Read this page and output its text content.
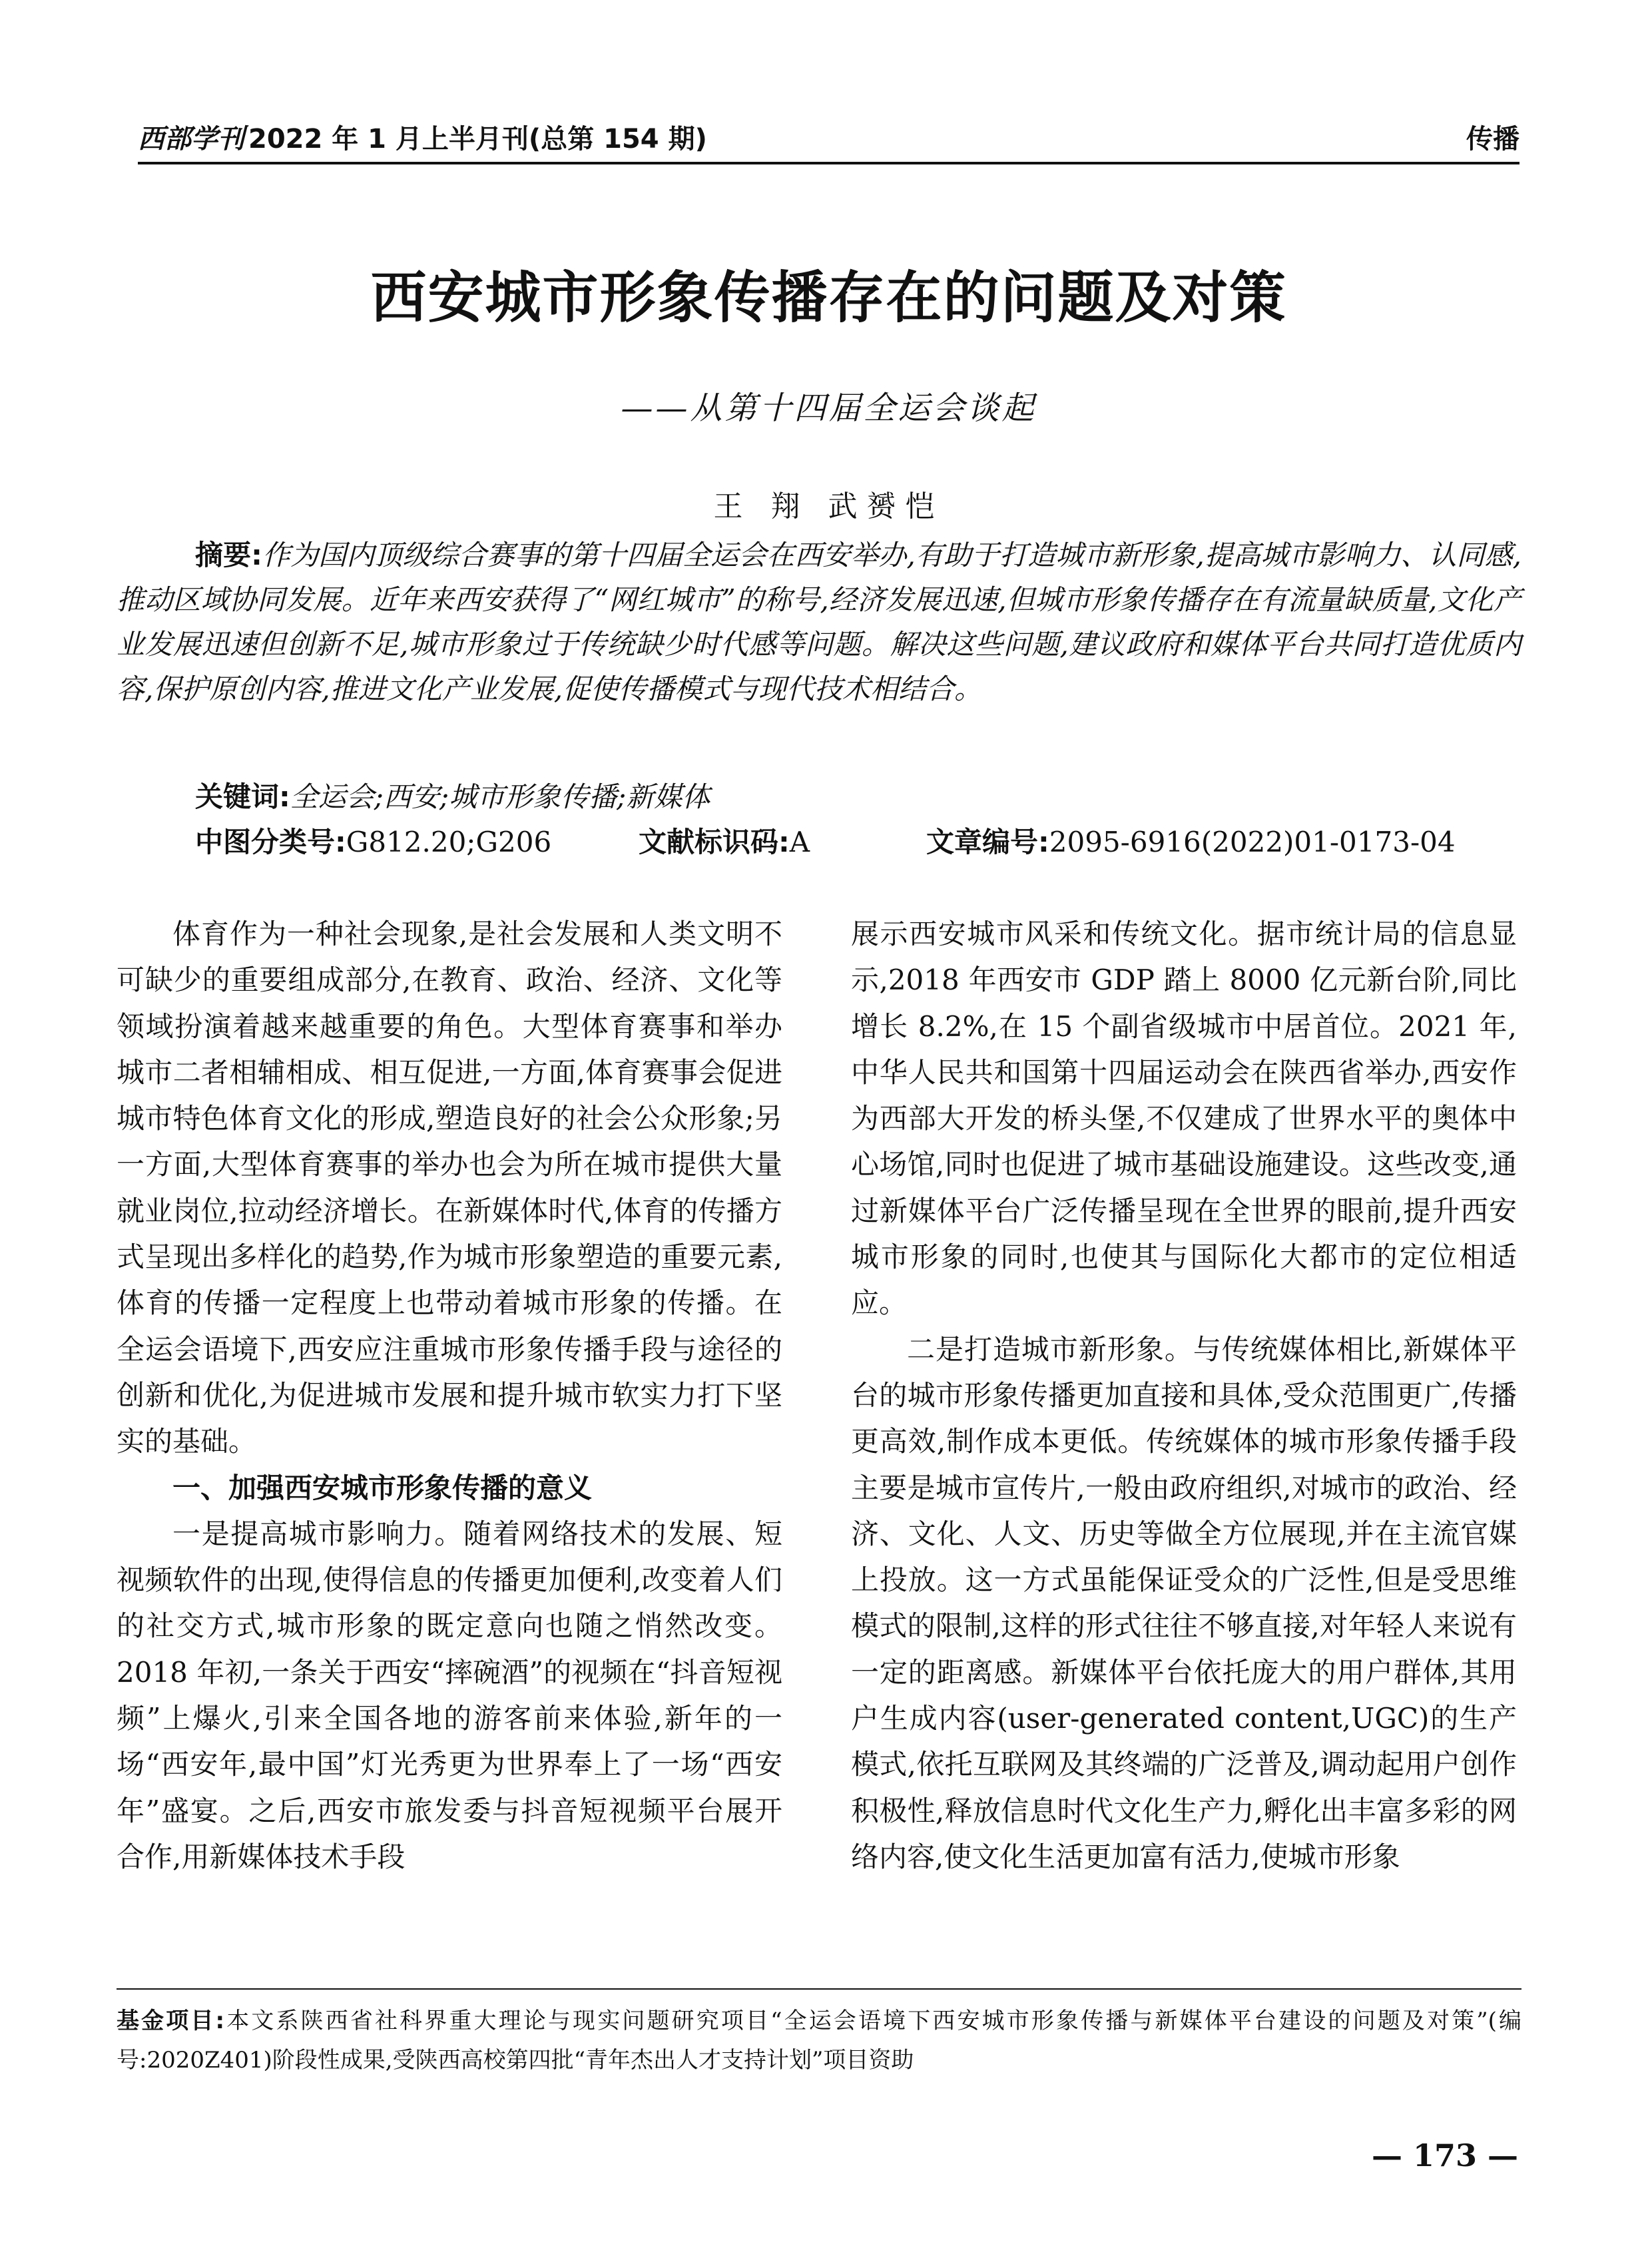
西部学刊 2022 年 1 月上半月刊(总第 154 期)	传播
西安城市形象传播存在的问题及对策
——从第十四届全运会谈起
王 翔 武赟恺
摘要:作为国内顶级综合赛事的第十四届全运会在西安举办,有助于打造城市新形象,提高城市影响力、认同感,推动区域协同发展。近年来西安获得了“网红城市”的称号,经济发展迅速,但城市形象传播存在有流量缺质量,文化产业发展迅速但创新不足,城市形象过于传统缺少时代感等问题。解决这些问题,建议政府和媒体平台共同打造优质内容,保护原创内容,推进文化产业发展,促使传播模式与现代技术相结合。
关键词:全运会;西安;城市形象传播;新媒体
中图分类号:G812.20;G206	文献标识码:A	文章编号:2095-6916(2022)01-0173-04

体育作为一种社会现象,是社会发展和人类文明不可缺少的重要组成部分,在教育、政治、经济、文化等领域扮演着越来越重要的角色。大型体育赛事和举办城市二者相辅相成、相互促进,一方面,体育赛事会促进城市特色体育文化的形成,塑造良好的社会公众形象;另一方面,大型体育赛事的举办也会为所在城市提供大量就业岗位,拉动经济增长。在新媒体时代,体育的传播方式呈现出多样化的趋势,作为城市形象塑造的重要元素,体育的传播一定程度上也带动着城市形象的传播。在全运会语境下,西安应注重城市形象传播手段与途径的创新和优化,为促进城市发展和提升城市软实力打下坚实的基础。

一、加强西安城市形象传播的意义

一是提高城市影响力。随着网络技术的发展、短视频软件的出现,使得信息的传播更加便利,改变着人们的社交方式,城市形象的既定意向也随之悄然改变。2018 年初,一条关于西安“摔碗酒”的视频在“抖音短视频”上爆火,引来全国各地的游客前来体验,新年的一场“西安年,最中国”灯光秀更为世界奉上了一场“西安年”盛宴。之后,西安市旅发委与抖音短视频平台展开合作,用新媒体技术手段

展示西安城市风采和传统文化。据市统计局的信息显示,2018 年西安市 GDP 踏上 8000 亿元新台阶,同比增长 8.2%,在 15 个副省级城市中居首位。2021 年,中华人民共和国第十四届运动会在陕西省举办,西安作为西部大开发的桥头堡,不仅建成了世界水平的奥体中心场馆,同时也促进了城市基础设施建设。这些改变,通过新媒体平台广泛传播呈现在全世界的眼前,提升西安城市形象的同时,也使其与国际化大都市的定位相适应。

二是打造城市新形象。与传统媒体相比,新媒体平台的城市形象传播更加直接和具体,受众范围更广,传播更高效,制作成本更低。传统媒体的城市形象传播手段主要是城市宣传片,一般由政府组织,对城市的政治、经济、文化、人文、历史等做全方位展现,并在主流官媒上投放。这一方式虽能保证受众的广泛性,但是受思维模式的限制,这样的形式往往不够直接,对年轻人来说有一定的距离感。新媒体平台依托庞大的用户群体,其用户生成内容(user-generated content,UGC)的生产模式,依托互联网及其终端的广泛普及,调动起用户创作积极性,释放信息时代文化生产力,孵化出丰富多彩的网络内容,使文化生活更加富有活力,使城市形象

基金项目:本文系陕西省社科界重大理论与现实问题研究项目“全运会语境下西安城市形象传播与新媒体平台建设的问题及对策”(编号:2020Z401)阶段性成果,受陕西高校第四批“青年杰出人才支持计划”项目资助
— 173 —
